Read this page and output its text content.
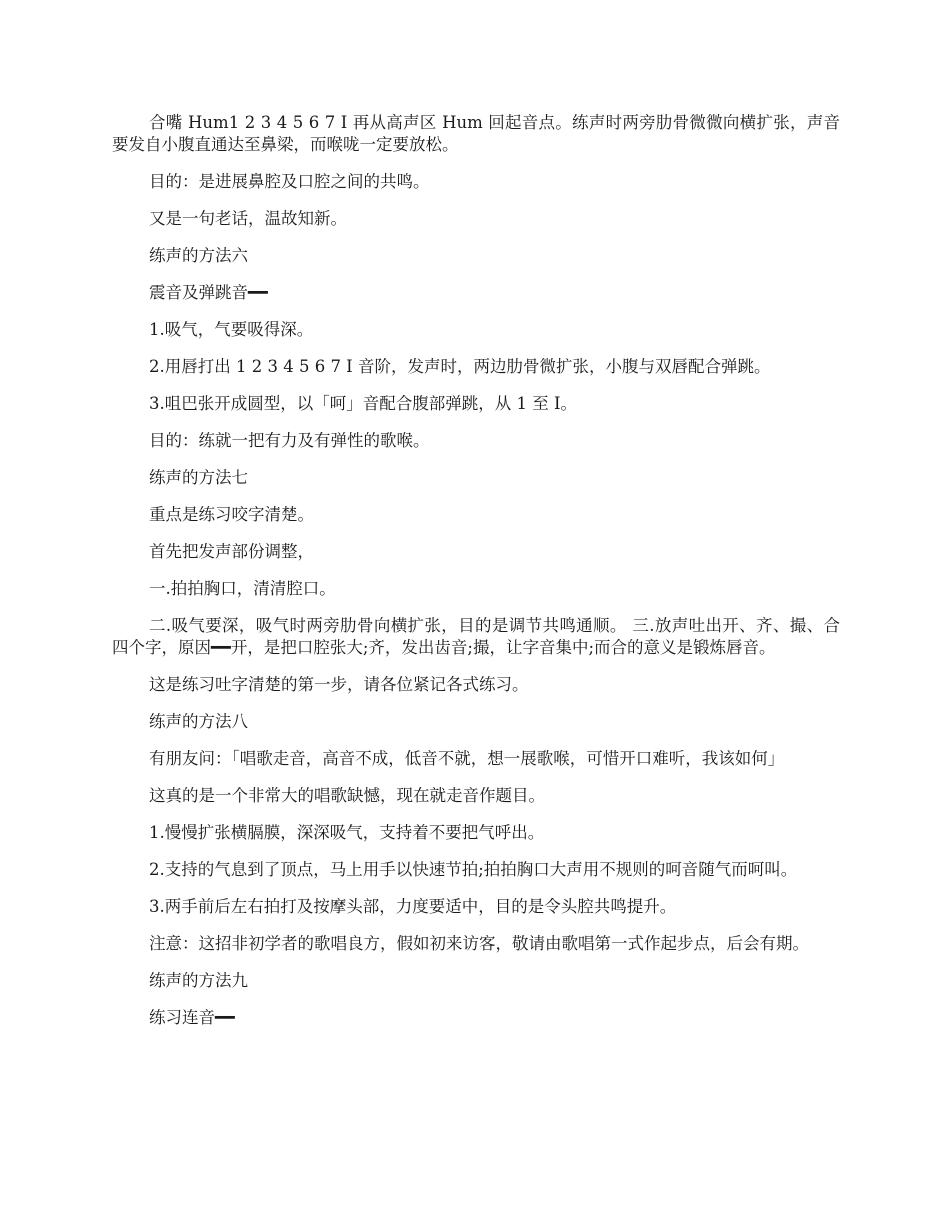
合嘴 Hum1 2 3 4 5 6 7 I 再从高声区 Hum 回起音点。练声时两旁肋骨微微向横扩张，声音要发自小腹直通达至鼻梁，而喉咙一定要放松。

目的：是进展鼻腔及口腔之间的共鸣。

又是一句老话，温故知新。

练声的方法六

震音及弹跳音━━

1.吸气，气要吸得深。

2.用唇打出 1 2 3 4 5 6 7 I 音阶，发声时，两边肋骨微扩张，小腹与双唇配合弹跳。

3.咀巴张开成圆型，以「呵」音配合腹部弹跳，从 1 至 I。

目的：练就一把有力及有弹性的歌喉。

练声的方法七

重点是练习咬字清楚。

首先把发声部份调整，

一.拍拍胸口，清清腔口。

二.吸气要深，吸气时两旁肋骨向横扩张，目的是调节共鸣通顺。 三.放声吐出开、齐、撮、合四个字，原因━━开，是把口腔张大;齐，发出齿音;撮，让字音集中;而合的意义是锻炼唇音。

这是练习吐字清楚的第一步，请各位紧记各式练习。

练声的方法八

有朋友问：「唱歌走音，高音不成，低音不就，想一展歌喉，可惜开口难听，我该如何」

这真的是一个非常大的唱歌缺憾，现在就走音作题目。

1.慢慢扩张横膈膜，深深吸气，支持着不要把气呼出。

2.支持的气息到了顶点，马上用手以快速节拍;拍拍胸口大声用不规则的呵音随气而呵叫。

3.两手前后左右拍打及按摩头部，力度要适中，目的是令头腔共鸣提升。

注意：这招非初学者的歌唱良方，假如初来访客，敬请由歌唱第一式作起步点，后会有期。

练声的方法九

练习连音━━
